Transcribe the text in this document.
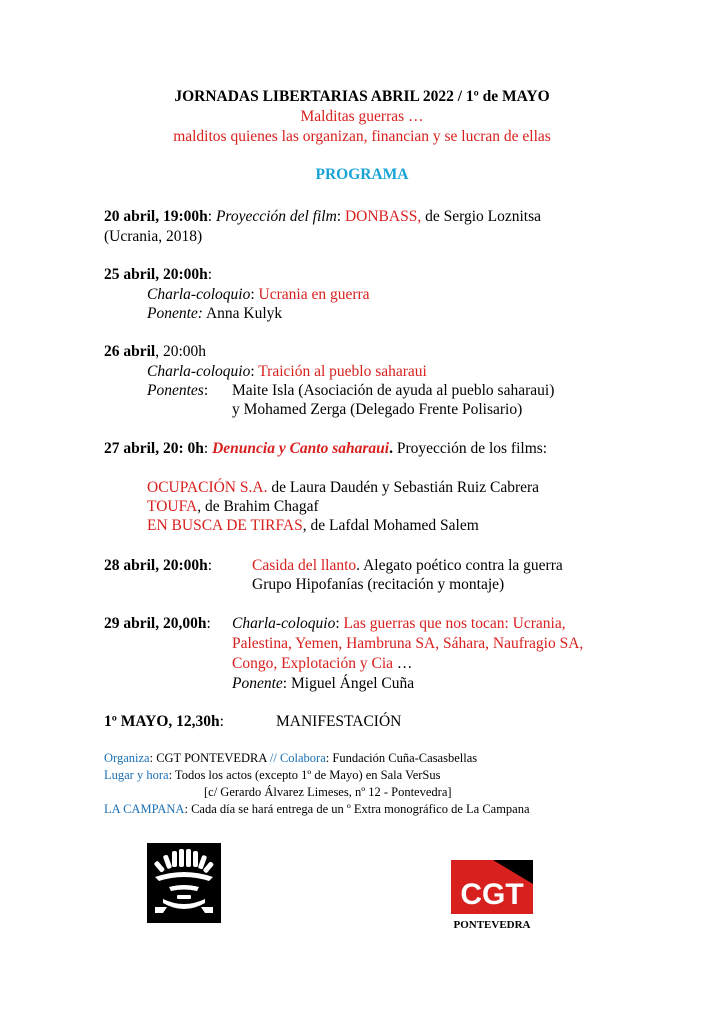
JORNADAS LIBERTARIAS ABRIL 2022 / 1º de MAYO
Malditas guerras …
malditos quienes las organizan, financian y se lucran de ellas
PROGRAMA
20 abril, 19:00h: Proyección del film: DONBASS, de Sergio Loznitsa
(Ucrania, 2018)
25 abril, 20:00h:
Charla-coloquio: Ucrania en guerra
Ponente: Anna Kulyk
26 abril, 20:00h
Charla-coloquio: Traición al pueblo saharaui
Ponentes: Maite Isla (Asociación de ayuda al pueblo saharaui)
y Mohamed Zerga (Delegado Frente Polisario)
27 abril, 20: 0h: Denuncia y Canto saharaui. Proyección de los films:
OCUPACIÓN S.A. de Laura Daudén y Sebastián Ruiz Cabrera
TOUFA, de Brahim Chagaf
EN BUSCA DE TIRFAS, de Lafdal Mohamed Salem
28 abril, 20:00h:	Casida del llanto. Alegato poético contra la guerra
Grupo Hipofanías (recitación y montaje)
29 abril, 20,00h: Charla-coloquio: Las guerras que nos tocan: Ucrania,
Palestina, Yemen, Hambruna SA, Sáhara, Naufragio SA,
Congo, Explotación y Cia …
Ponente: Miguel Ángel Cuña
1º MAYO, 12,30h:	MANIFESTACIÓN
Organiza: CGT PONTEVEDRA // Colabora: Fundación Cuña-Casasbellas
Lugar y hora: Todos los actos (excepto 1º de Mayo) en Sala VerSus
[c/ Gerardo Álvarez Limeses, nº 12 - Pontevedra]
LA CAMPANA: Cada día se hará entrega de un º Extra monográfico de La Campana
CGT
PONTEVEDRA
